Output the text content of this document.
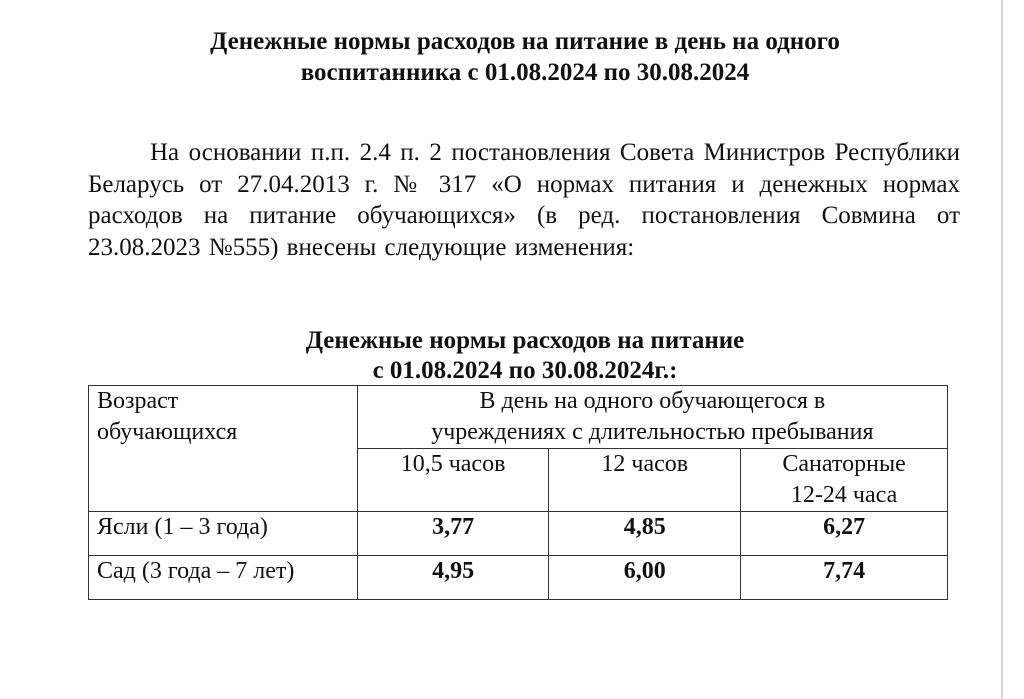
Денежные нормы расходов на питание в день на одного
воспитанника с 01.08.2024 по 30.08.2024

На основании п.п. 2.4 п. 2 постановления Совета Министров Республики Беларусь от 27.04.2013 г. № 317 «О нормах питания и денежных нормах расходов на питание обучающихся» (в ред. постановления Совмина от 23.08.2023 №555) внесены следующие изменения:

Денежные нормы расходов на питание
с 01.08.2024 по 30.08.2024г.:
Возраст
обучающихся	В день на одного обучающегося в
учреждениях с длительностью пребывания		
	10,5 часов	12 часов	Санаторные
12-24 часа
Ясли (1 – 3 года)	3,77	4,85	6,27
Сад (3 года – 7 лет)	4,95	6,00	7,74
